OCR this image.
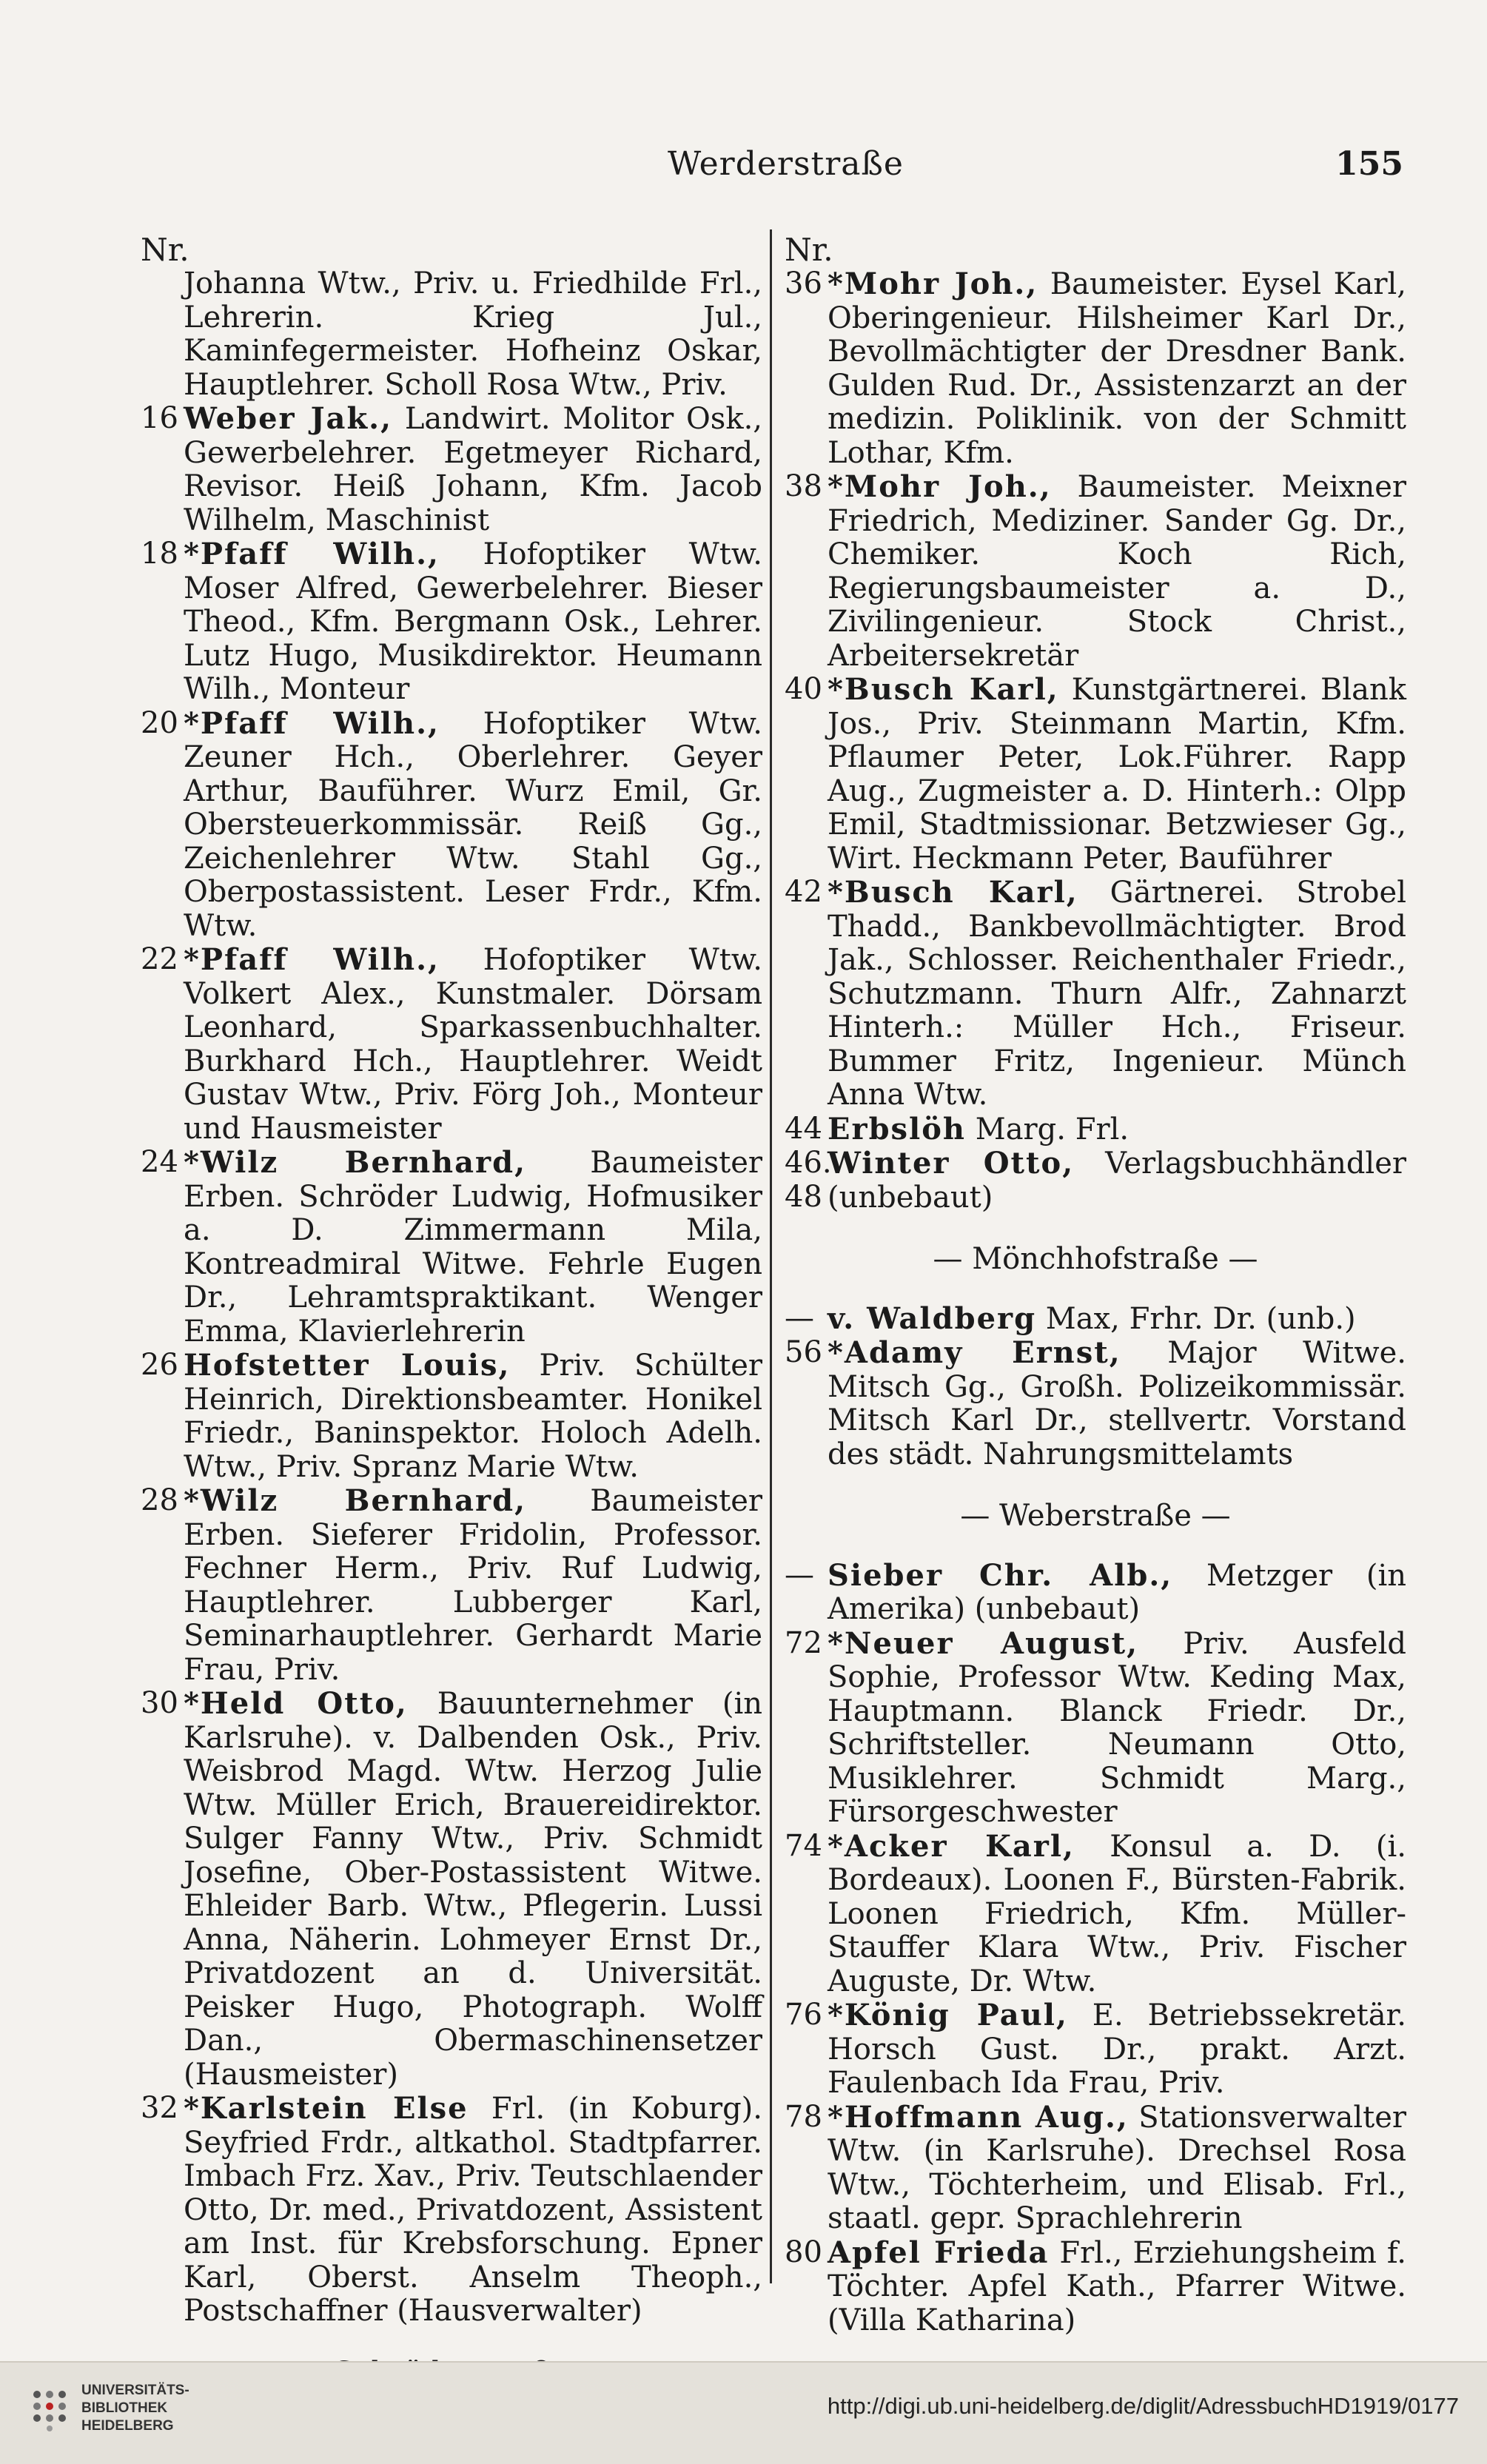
Werderstraße	155
Nr.
Johanna Wtw., Priv. u. Friedhilde Frl., Lehrerin. Krieg Jul., Kaminfegermeister. Hofheinz Oskar, Hauptlehrer. Scholl Rosa Wtw., Priv.
16 Weber Jak., Landwirt. Molitor Osk., Gewerbelehrer. Egetmeyer Richard, Revisor. Heiß Johann, Kfm. Jacob Wilhelm, Maschinist
18 *Pfaff Wilh., Hofoptiker Wtw. Moser Alfred, Gewerbelehrer. Bieser Theod., Kfm. Bergmann Osk., Lehrer. Lutz Hugo, Musikdirektor. Heumann Wilh., Monteur
20 *Pfaff Wilh., Hofoptiker Wtw. Zeuner Hch., Oberlehrer. Geyer Arthur, Bauführer. Wurz Emil, Gr. Obersteuerkommissär. Reiß Gg., Zeichenlehrer Wtw. Stahl Gg., Oberpostassistent. Leser Frdr., Kfm. Wtw.
22 *Pfaff Wilh., Hofoptiker Wtw. Volkert Alex., Kunstmaler. Dörsam Leonhard, Sparkassenbuchhalter. Burkhard Hch., Hauptlehrer. Weidt Gustav Wtw., Priv. Förg Joh., Monteur und Hausmeister
24 *Wilz Bernhard, Baumeister Erben. Schröder Ludwig, Hofmusiker a. D. Zimmermann Mila, Kontreadmiral Witwe. Fehrle Eugen Dr., Lehramtspraktikant. Wenger Emma, Klavierlehrerin
26 Hofstetter Louis, Priv. Schülter Heinrich, Direktionsbeamter. Honikel Friedr., Baninspektor. Holoch Adelh. Wtw., Priv. Spranz Marie Wtw.
28 *Wilz Bernhard, Baumeister Erben. Sieferer Fridolin, Professor. Fechner Herm., Priv. Ruf Ludwig, Hauptlehrer. Lubberger Karl, Seminarhauptlehrer. Gerhardt Marie Frau, Priv.
30 *Held Otto, Bauunternehmer (in Karlsruhe). v. Dalbenden Osk., Priv. Weisbrod Magd. Wtw. Herzog Julie Wtw. Müller Erich, Brauereidirektor. Sulger Fanny Wtw., Priv. Schmidt Josefine, Ober-Postassistent Witwe. Ehleider Barb. Wtw., Pflegerin. Lussi Anna, Näherin. Lohmeyer Ernst Dr., Privatdozent an d. Universität. Peisker Hugo, Photograph. Wolff Dan., Obermaschinensetzer (Hausmeister)
32 *Karlstein Else Frl. (in Koburg). Seyfried Frdr., altkathol. Stadtpfarrer. Imbach Frz. Xav., Priv. Teutschlaender Otto, Dr. med., Privatdozent, Assistent am Inst. für Krebsforschung. Epner Karl, Oberst. Anselm Theoph., Postschaffner (Hausverwalter)
Nr.
36 *Mohr Joh., Baumeister. Eysel Karl, Oberingenieur. Hilsheimer Karl Dr., Bevollmächtigter der Dresdner Bank. Gulden Rud. Dr., Assistenzarzt an der medizin. Poliklinik. von der Schmitt Lothar, Kfm.
38 *Mohr Joh., Baumeister. Meixner Friedrich, Mediziner. Sander Gg. Dr., Chemiker. Koch Rich, Regierungsbaumeister a. D., Zivilingenieur. Stock Christ., Arbeitersekretär
40 *Busch Karl, Kunstgärtnerei. Blank Jos., Priv. Steinmann Martin, Kfm. Pflaumer Peter, Lok.Führer. Rapp Aug., Zugmeister a. D. Hinterh.: Olpp Emil, Stadtmissionar. Betzwieser Gg., Wirt. Heckmann Peter, Bauführer
42 *Busch Karl, Gärtnerei. Strobel Thadd., Bankbevollmächtigter. Brod Jak., Schlosser. Reichenthaler Friedr., Schutzmann. Thurn Alfr., Zahnarzt Hinterh.: Müller Hch., Friseur. Bummer Fritz, Ingenieur. Münch Anna Wtw.
44 Erbslöh Marg. Frl.
46. 48
Winter Otto, Verlagsbuchhändler (unbebaut)
— Mönchhofstraße —
— v. Waldberg Max, Frhr. Dr. (unb.)
56 *Adamy Ernst, Major Witwe. Mitsch Gg., Großh. Polizeikommissär. Mitsch Karl Dr., stellvertr. Vorstand des städt. Nahrungsmittelamts
— Weberstraße —
— Sieber Chr. Alb., Metzger (in Amerika) (unbebaut)
72 *Neuer August, Priv. Ausfeld Sophie, Professor Wtw. Keding Max, Hauptmann. Blanck Friedr. Dr., Schriftsteller. Neumann Otto, Musiklehrer. Schmidt Marg., Fürsorgeschwester
74 *Acker Karl, Konsul a. D. (i. Bordeaux). Loonen F., Bürsten-Fabrik. Loonen Friedrich, Kfm. Müller-Stauffer Klara Wtw., Priv. Fischer Auguste, Dr. Wtw.
76 *König Paul, E. Betriebssekretär. Horsch Gust. Dr., prakt. Arzt. Faulenbach Ida Frau, Priv.
78 *Hoffmann Aug., Stationsverwalter Wtw. (in Karlsruhe). Drechsel Rosa Wtw., Töchterheim, und Elisab. Frl., staatl. gepr. Sprachlehrerin
80 Apfel Frieda Frl., Erziehungsheim f. Töchter. Apfel Kath., Pfarrer Witwe. (Villa Katharina)
UNIVERSITÄTS-
BIBLIOTHEK
HEIDELBERG
http://digi.ub.uni-heidelberg.de/diglit/AdressbuchHD1919/0177
